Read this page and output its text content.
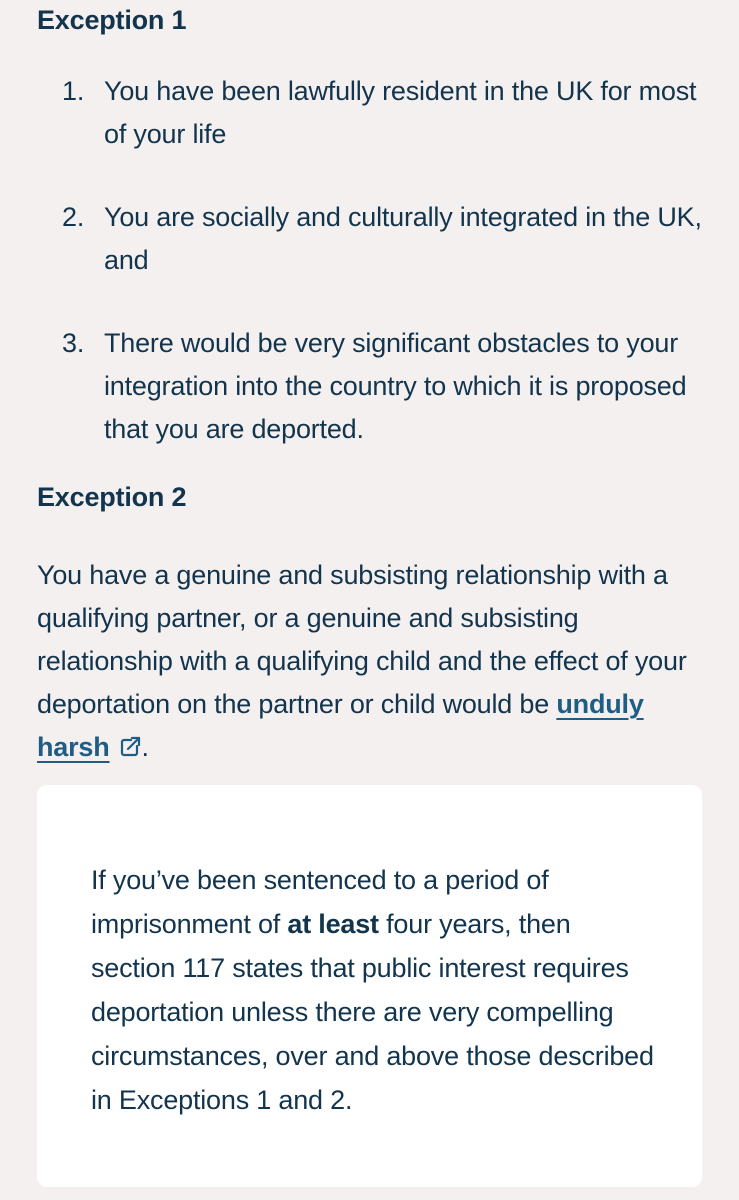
Exception 1
1. You have been lawfully resident in the UK for most of your life
2. You are socially and culturally integrated in the UK, and
3. There would be very significant obstacles to your integration into the country to which it is proposed that you are deported.
Exception 2

You have a genuine and subsisting relationship with a qualifying partner, or a genuine and subsisting relationship with a qualifying child and the effect of your deportation on the partner or child would be unduly harsh .

If you’ve been sentenced to a period of imprisonment of at least four years, then section 117 states that public interest requires deportation unless there are very compelling circumstances, over and above those described in Exceptions 1 and 2.
